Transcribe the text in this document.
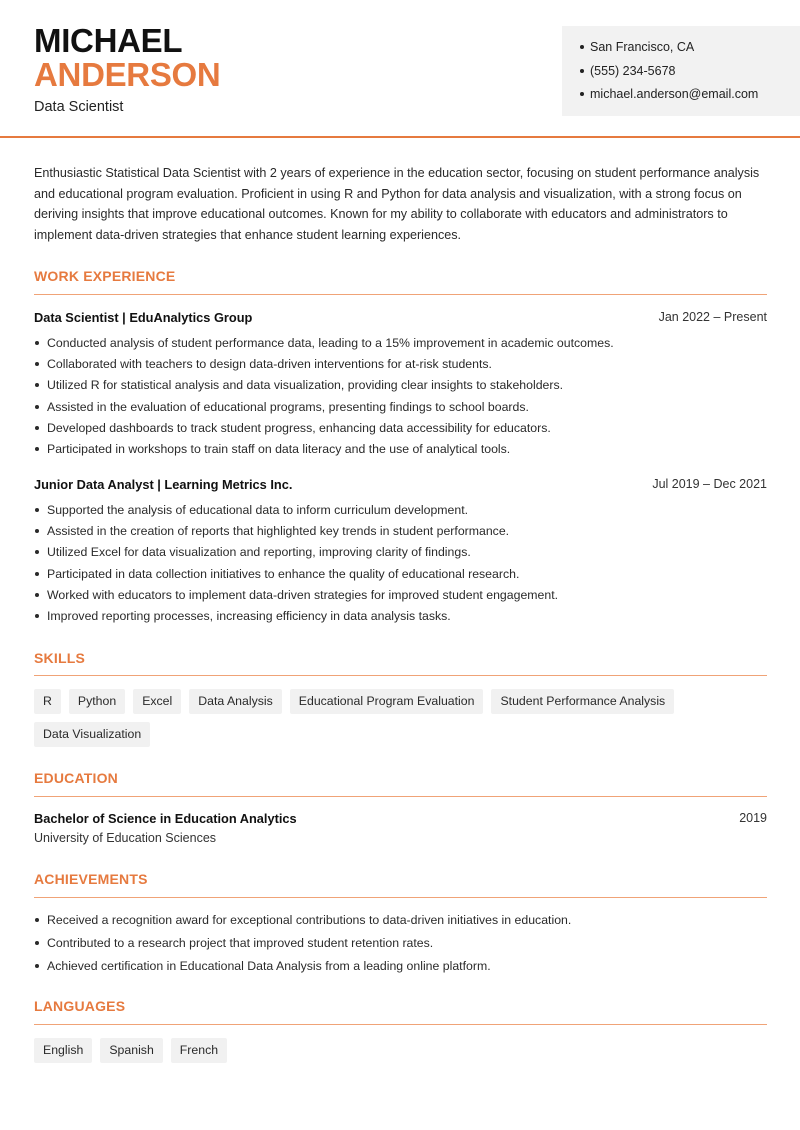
MICHAEL
ANDERSON
Data Scientist
San Francisco, CA
(555) 234-5678
michael.anderson@email.com

Enthusiastic Statistical Data Scientist with 2 years of experience in the education sector, focusing on student performance analysis and educational program evaluation. Proficient in using R and Python for data analysis and visualization, with a strong focus on deriving insights that improve educational outcomes. Known for my ability to collaborate with educators and administrators to implement data-driven strategies that enhance student learning experiences.

WORK EXPERIENCE
Data Scientist | EduAnalytics Group	Jan 2022 – Present
Conducted analysis of student performance data, leading to a 15% improvement in academic outcomes.
Collaborated with teachers to design data-driven interventions for at-risk students.
Utilized R for statistical analysis and data visualization, providing clear insights to stakeholders.
Assisted in the evaluation of educational programs, presenting findings to school boards.
Developed dashboards to track student progress, enhancing data accessibility for educators.
Participated in workshops to train staff on data literacy and the use of analytical tools.
Junior Data Analyst | Learning Metrics Inc.	Jul 2019 – Dec 2021
Supported the analysis of educational data to inform curriculum development.
Assisted in the creation of reports that highlighted key trends in student performance.
Utilized Excel for data visualization and reporting, improving clarity of findings.
Participated in data collection initiatives to enhance the quality of educational research.
Worked with educators to implement data-driven strategies for improved student engagement.
Improved reporting processes, increasing efficiency in data analysis tasks.
SKILLS
R	Python	Excel	Data Analysis	Educational Program Evaluation	Student Performance Analysis
Data Visualization
EDUCATION
Bachelor of Science in Education Analytics	2019
University of Education Sciences
ACHIEVEMENTS
Received a recognition award for exceptional contributions to data-driven initiatives in education.
Contributed to a research project that improved student retention rates.
Achieved certification in Educational Data Analysis from a leading online platform.
LANGUAGES
English	Spanish	French
